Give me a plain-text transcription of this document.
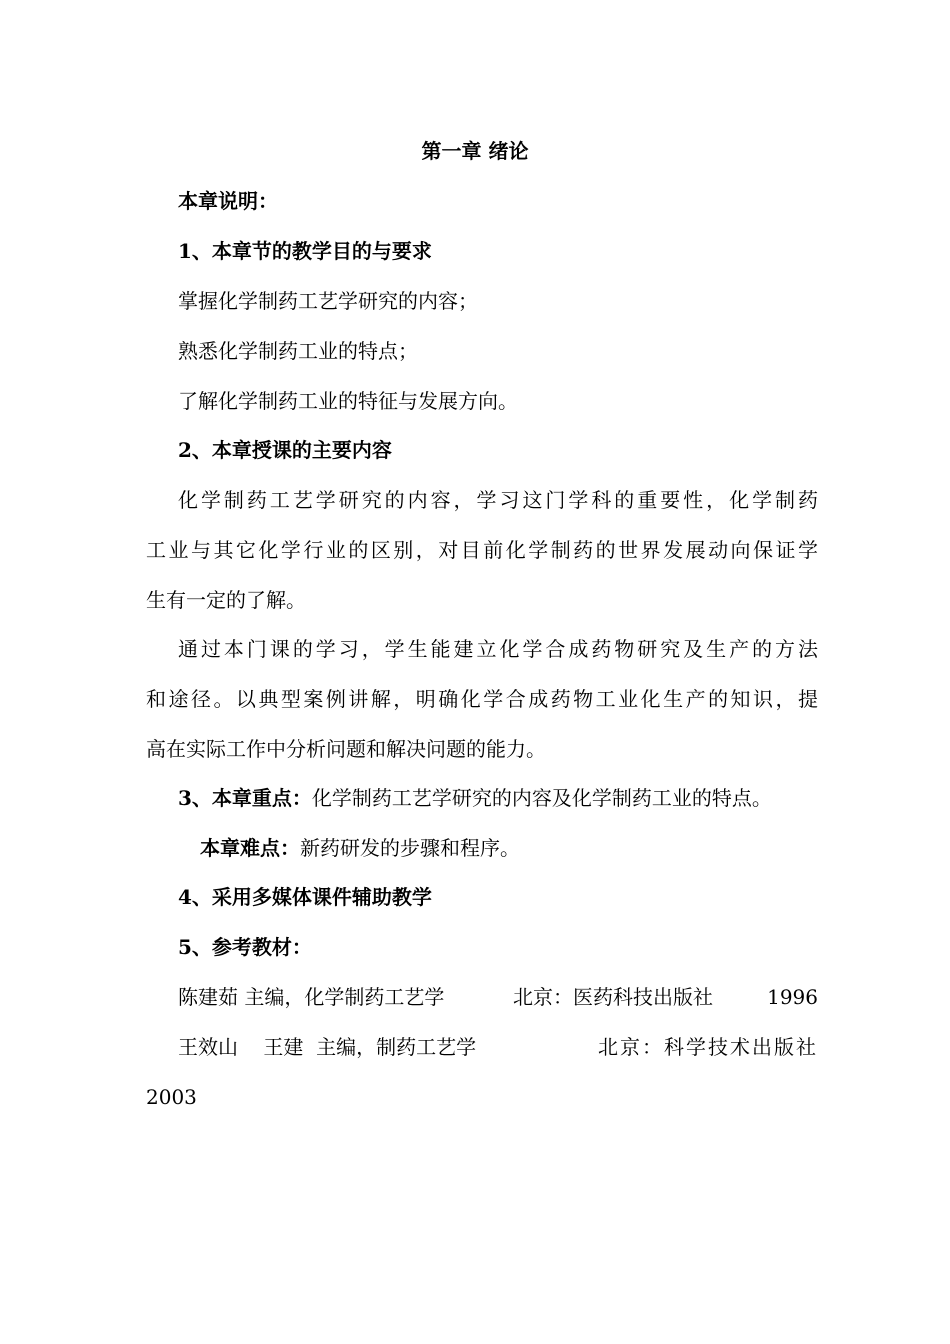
第一章 绪论
本章说明：
1、本章节的教学目的与要求
掌握化学制药工艺学研究的内容；
熟悉化学制药工业的特点；
了解化学制药工业的特征与发展方向。
2、本章授课的主要内容
化学制药工艺学研究的内容，学习这门学科的重要性，化学制药
工业与其它化学行业的区别，对目前化学制药的世界发展动向保证学
生有一定的了解。
通过本门课的学习，学生能建立化学合成药物研究及生产的方法
和途径。以典型案例讲解，明确化学合成药物工业化生产的知识，提
高在实际工作中分析问题和解决问题的能力。
3、本章重点：化学制药工艺学研究的内容及化学制药工业的特点。
本章难点：新药研发的步骤和程序。
4、采用多媒体课件辅助教学
5、参考教材：
陈建茹 主编，化学制药工艺学	北京：医药科技出版社	1996
王效山    王建  主编，制药工艺学	北京：科学技术出版社
2003
